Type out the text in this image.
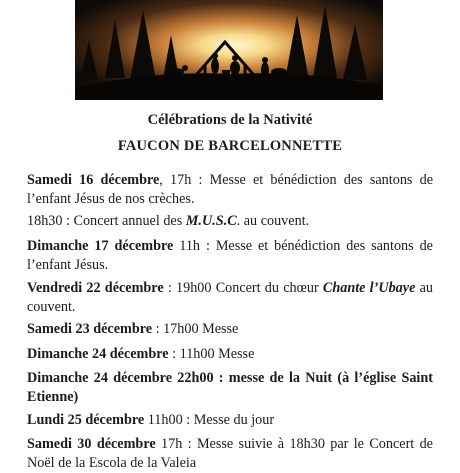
Célébrations de la Nativité
FAUCON DE BARCELONNETTE
Samedi 16 décembre, 17h : Messe et bénédiction des santons de l’enfant Jésus de nos crèches.
18h30 : Concert annuel des M.U.S.C. au couvent.
Dimanche 17 décembre 11h : Messe et bénédiction des santons de l’enfant Jésus.
Vendredi 22 décembre : 19h00 Concert du chœur Chante l’Ubaye au couvent.
Samedi 23 décembre : 17h00 Messe
Dimanche 24 décembre : 11h00 Messe
Dimanche 24 décembre 22h00 : messe de la Nuit (à l’église Saint Etienne)
Lundi 25 décembre 11h00 : Messe du jour
Samedi 30 décembre 17h : Messe suivie à 18h30 par le Concert de Noël de la Escola de la Valeia
